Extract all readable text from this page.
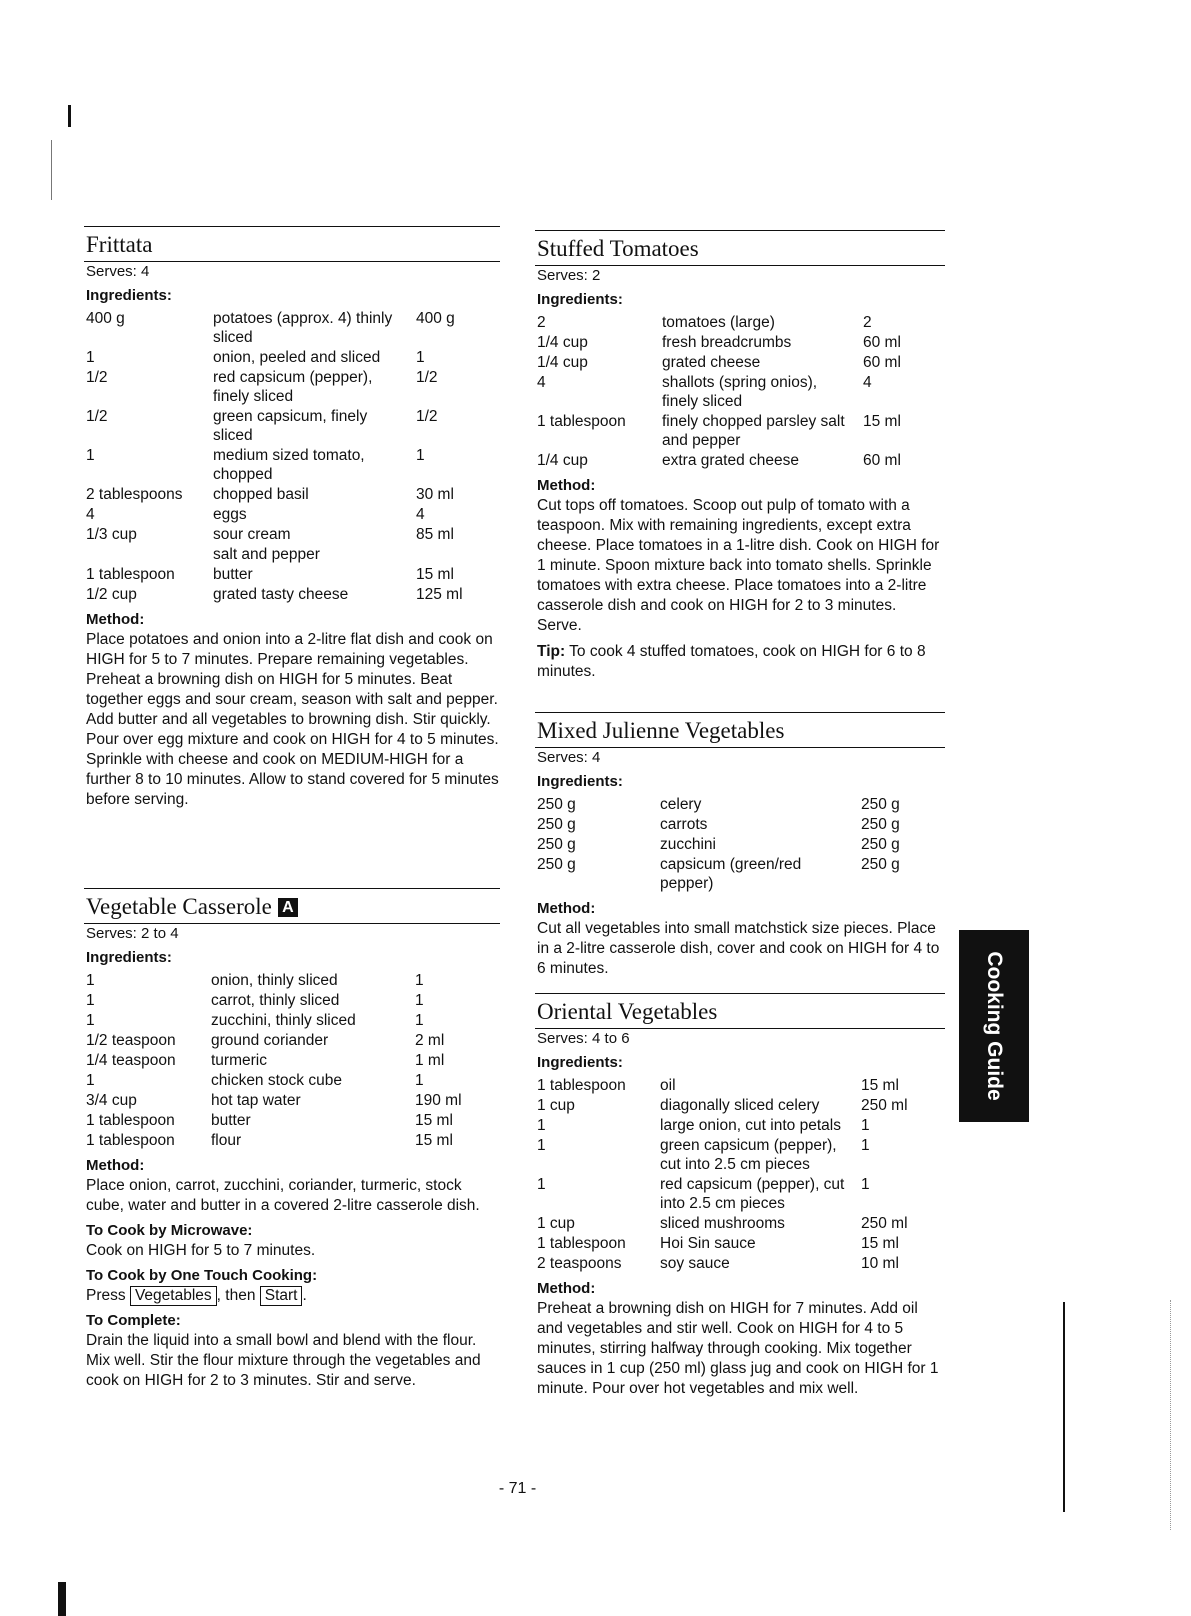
Frittata
Serves: 4
Ingredients:
400 g	potatoes (approx. 4) thinly sliced	400 g
1	onion, peeled and sliced	1
1/2	red capsicum (pepper), finely sliced	1/2
1/2	green capsicum, finely sliced	1/2
1	medium sized tomato, chopped	1
2 tablespoons	chopped basil	30 ml
4	eggs	4
1/3 cup	sour cream	85 ml
	salt and pepper	
1 tablespoon	butter	15 ml
1/2 cup	grated tasty cheese	125 ml
Method:

Place potatoes and onion into a 2-litre flat dish and cook on HIGH for 5 to 7 minutes. Prepare remaining vegetables. Preheat a browning dish on HIGH for 5 minutes. Beat together eggs and sour cream, season with salt and pepper. Add butter and all vegetables to browning dish. Stir quickly. Pour over egg mixture and cook on HIGH for 4 to 5 minutes. Sprinkle with cheese and cook on MEDIUM-HIGH for a further 8 to 10 minutes. Allow to stand covered for 5 minutes before serving.

Vegetable Casserole A
Serves: 2 to 4
Ingredients:
1	onion, thinly sliced	1
1	carrot, thinly sliced	1
1	zucchini, thinly sliced	1
1/2 teaspoon	ground coriander	2 ml
1/4 teaspoon	turmeric	1 ml
1	chicken stock cube	1
3/4 cup	hot tap water	190 ml
1 tablespoon	butter	15 ml
1 tablespoon	flour	15 ml
Method:

Place onion, carrot, zucchini, coriander, turmeric, stock cube, water and butter in a covered 2-litre casserole dish.

To Cook by Microwave:

Cook on HIGH for 5 to 7 minutes.

To Cook by One Touch Cooking:

Press Vegetables , then Start .

To Complete:

Drain the liquid into a small bowl and blend with the flour. Mix well. Stir the flour mixture through the vegetables and cook on HIGH for 2 to 3 minutes. Stir and serve.

Stuffed Tomatoes
Serves: 2
Ingredients:
2	tomatoes (large)	2
1/4 cup	fresh breadcrumbs	60 ml
1/4 cup	grated cheese	60 ml
4	shallots (spring onios), finely sliced	4
1 tablespoon	finely chopped parsley salt and pepper	15 ml
1/4 cup	extra grated cheese	60 ml
Method:

Cut tops off tomatoes. Scoop out pulp of tomato with a teaspoon. Mix with remaining ingredients, except extra cheese. Place tomatoes in a 1-litre dish. Cook on HIGH for 1 minute. Spoon mixture back into tomato shells. Sprinkle tomatoes with extra cheese. Place tomatoes into a 2-litre casserole dish and cook on HIGH for 2 to 3 minutes. Serve.

Tip: To cook 4 stuffed tomatoes, cook on HIGH for 6 to 8 minutes.

Mixed Julienne Vegetables
Serves: 4
Ingredients:
250 g	celery	250 g
250 g	carrots	250 g
250 g	zucchini	250 g
250 g	capsicum (green/red pepper)	250 g
Method:

Cut all vegetables into small matchstick size pieces. Place in a 2-litre casserole dish, cover and cook on HIGH for 4 to 6 minutes.

Oriental Vegetables
Serves: 4 to 6
Ingredients:
1 tablespoon	oil	15 ml
1 cup	diagonally sliced celery	250 ml
1	large onion, cut into petals	1
1	green capsicum (pepper), cut into 2.5 cm pieces	1
1	red capsicum (pepper), cut into 2.5 cm pieces	1
1 cup	sliced mushrooms	250 ml
1 tablespoon	Hoi Sin sauce	15 ml
2 teaspoons	soy sauce	10 ml
Method:

Preheat a browning dish on HIGH for 7 minutes. Add oil and vegetables and stir well. Cook on HIGH for 4 to 5 minutes, stirring halfway through cooking. Mix together sauces in 1 cup (250 ml) glass jug and cook on HIGH for 1 minute. Pour over hot vegetables and mix well.

Cooking Guide
- 71 -
